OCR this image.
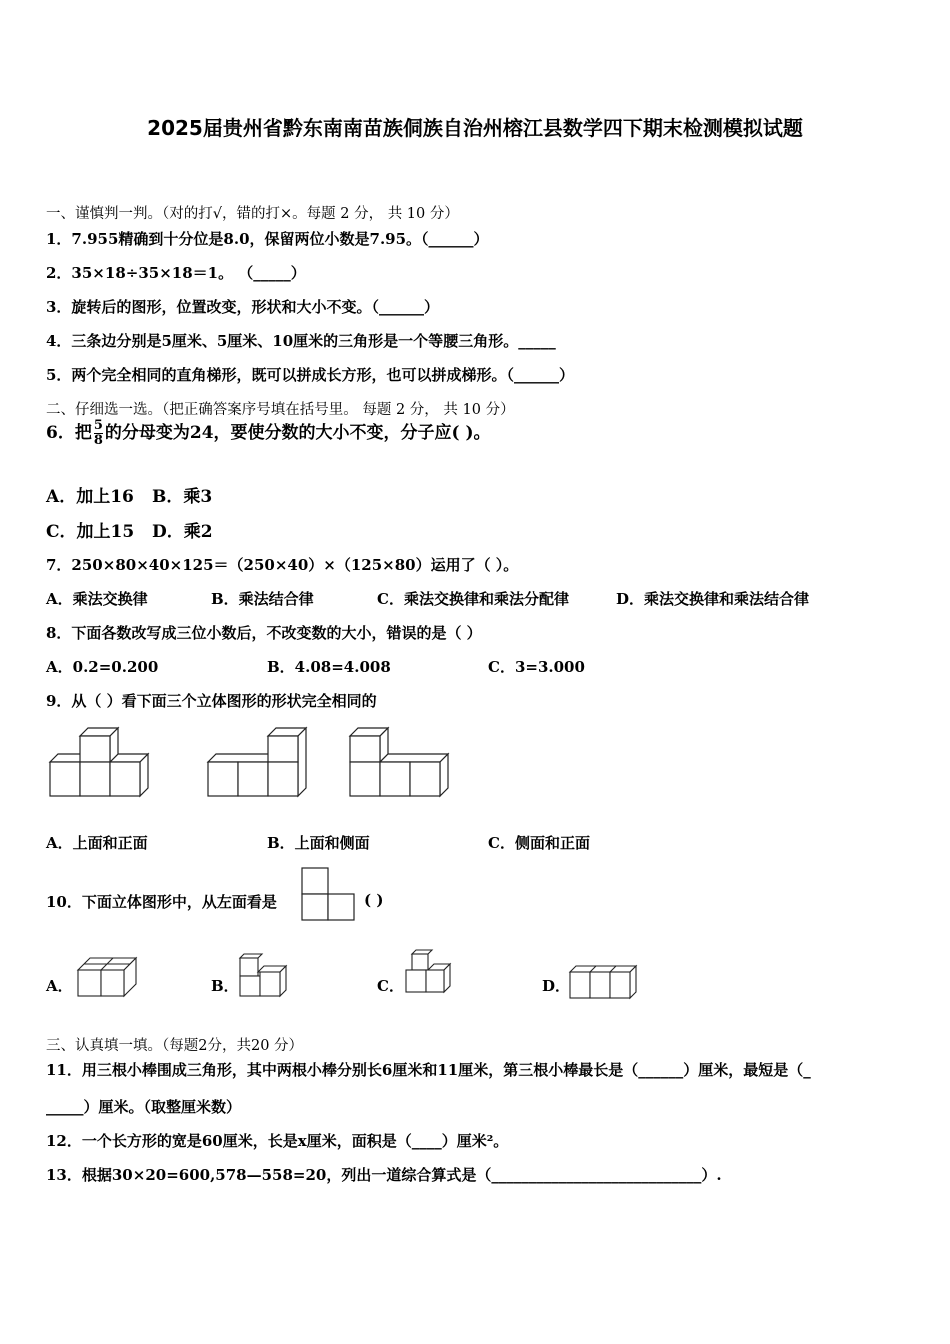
2025届贵州省黔东南南苗族侗族自治州榕江县数学四下期末检测模拟试题
一、谨慎判一判。（对的打√，错的打×。每题 2 分， 共 10 分）
1．7.955精确到十分位是8.0，保留两位小数是7.95。（______）
2．35×18÷35×18＝1。 （_____）
3．旋转后的图形，位置改变，形状和大小不变。（______）
4．三条边分别是5厘米、5厘米、10厘米的三角形是一个等腰三角形。_____
5．两个完全相同的直角梯形，既可以拼成长方形，也可以拼成梯形。（______）
二、仔细选一选。（把正确答案序号填在括号里。 每题 2 分， 共 10 分）
6．把 $\frac{5}{8}$ 的分母变为24，要使分数的大小不变，分子应( )。
A．加上16 B．乘3
C．加上15 D．乘2
7．250×80×40×125＝（250×40）×（125×80）运用了（ ）。
A．乘法交换律	B．乘法结合律	C．乘法交换律和乘法分配律	D．乘法交换律和乘法结合律
8．下面各数改写成三位小数后，不改变数的大小，错误的是（ ）
A．0.2=0.200	B．4.08=4.008	C．3=3.000
9．从（ ）看下面三个立体图形的形状完全相同的
A．上面和正面	B．上面和侧面	C．侧面和正面
10．下面立体图形中，从左面看是	( )
A．	B．	C．	D．
三、认真填一填。（每题2分，共20 分）
11．用三根小棒围成三角形，其中两根小棒分别长6厘米和11厘米，第三根小棒最长是（______）厘米，最短是（_
_____）厘米。（取整厘米数）
12．一个长方形的宽是60厘米，长是x厘米，面积是（____）厘米²。
13．根据30×20=600,578—558=20，列出一道综合算式是（____________________________）.
